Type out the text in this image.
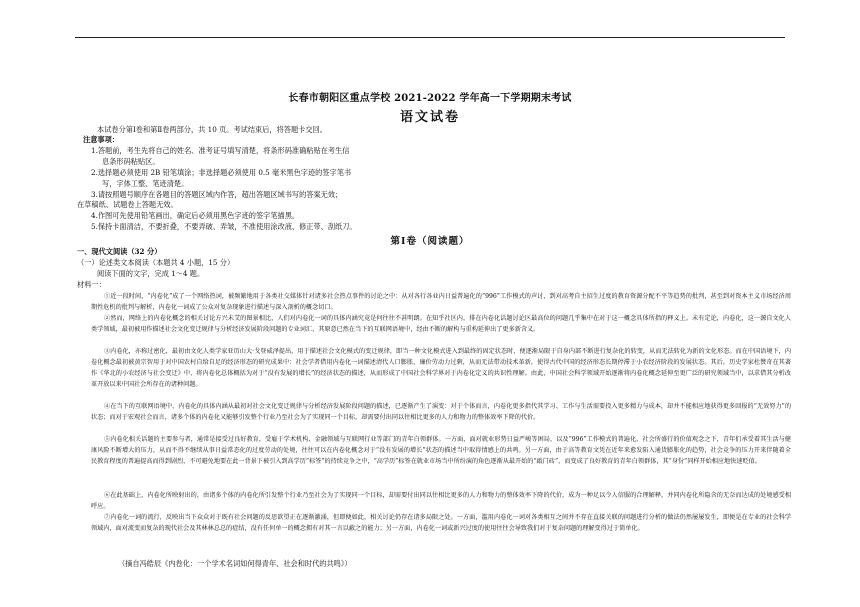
长春市朝阳区重点学校 2021-2022 学年高一下学期期末考试
语文试卷
本试卷分第Ⅰ卷和第Ⅱ卷两部分，共 10 页。考试结束后，将答题卡交回。
注意事项：
1.答题前，考生先将自己的姓名、准考证号填写清楚，将条形码准确粘贴在考生信
息条形码粘贴区。
2.选择题必须使用 2B 铅笔填涂；非选择题必须使用 0.5 毫米黑色字迹的签字笔书
写，字体工整、笔迹清楚。
3.请按照题号顺序在各题目的答题区域内作答，超出答题区域书写的答案无效；
在草稿纸、试题卷上答题无效。
4.作图可先使用铅笔画出，确定后必须用黑色字迹的签字笔描黑。
5.保持卡面清洁，不要折叠，不要弄破、弄皱，不准使用涂改液、修正带、刮纸刀。
第Ⅰ卷（阅读题）
一、现代文阅读（32 分）
（一）论述类文本阅读（本题共 4 小题，15 分）
阅读下面的文字，完成 1～4 题。
材料一：
①近一段时间，“内卷化”成了一个网络热词，被频繁地用于各类社交媒体针对诸多社会热点事件的讨论之中：从对各行各业内日益普遍化的“996”工作模式的声讨，到对高考自主招生过度的教育资源分配不平等趋势的批判，甚至到对资本主义市场经济周期性危机的批判与解析，内卷化一词成了公众对复杂现象进行描述与深入剖析的概念切口。
②然而，网络上的内卷化概念的相关讨论方兴未艾的图景相比，人们对内卷化一词的具体内涵究竟是何往往不甚明朗。在知乎社区内，排在内卷化话题讨论区最高位的问题几乎集中在对于这一概念具体所指的释义上。未有定论，内卷化，这一源自文化人类学领域，最初被用作描述社会文化变迁规律与分析经济发展阶段问题的专业词汇，其原意已然在当下的互联网语境中，经由不断的解构与重构延伸出了更多新含义。
③内卷化，亦称过密化，最初由文化人类学家亚历山大·戈登威泽提出，用于描述社会文化模式的变迁规律，即当一种文化模式进入到最终的固定状态时，便逐渐局限于自身内部不断进行复杂化的转变，从而无法转化为新的文化形态。而在中国语境下，内卷化概念最初被黄宗智用于对中国农村自给自足的经济形态的研究成果中：社会学者借用内卷化一词描述清代人口膨胀，廉价劳动力过剩，从而无法带动技术革新，使得古代中国的经济形态长期停滞于小农经济阶段的发展状态。其后，历史学家杜赞奇在其著作《华北的小农经济与社会变迁》中，将内卷化总体概括为对于“没有发展的增长”的经济状态的描述，从而形成了中国社会科学界对于内卷化定义的共识性理解。由此，中国社会科学领域开始逐渐将内卷化概念延伸至更广泛的研究领域当中，以求借其分析改革开放以来中国社会所存在的诸种问题。
④在当下的互联网语境中，内卷化的具体内涵从最初对社会文化变迁规律与分析经济发展阶段问题的描述，已逐渐产生了演变：对于个体而言，内卷化更多指代其学习、工作与生活需要投入更多精力与成本，却并不能相应地获得更多回报的“无效努力”的状态；而对于宏观社会而言，诸多个体的内卷化又能够引发整个行业乃至社会为了实现同一个目标，却需要付出同以往相比更多的人力和物力的整体效率下降的代价。
⑤内卷化相关话题的主要参与者，通常是接受过良好教育，受雇于学术机构、金融领域与互联网行业等部门的青年白领群体。一方面，面对就业形势日益严峻等困局，以及“996”工作模式的普遍化，社会所盛行的价值观念之下，青年们承受着其生活与健康风险不断增大的压力，从而不得不继续从事日益常态化的过度劳动的处境，往往可以在内卷化概念对于“没有发展的增长”状态的描述当中取得情感上的共鸣。另一方面，由于高等教育文凭在近年来愈发陷入通货膨胀化的趋势，社会竞争的压力开来伴随着全民教育程度的普遍提高而得到剧烈，不可避免地要在此一背景下被引入到高学历“标签”的持续竞争之中，“高学历”标签在就业市场当中所纷演的角色逐渐从最开始的“敲门砖”，而变成了良好教育的青年白领群体，其“身份”同样开始相应地快速贬值。
⑥在此基础上，内卷化所映射出的，由诸多个体的内卷化所引发整个行业乃至社会为了实现同一个目标，却需要付出同以往相比更多的人力和物力的整体效率下降的代价，成为一种足以令人信服的合理解释，并同内卷化所隐含的无奈而达成的处境感受相呼应。
⑦内卷化一词的流行，反映出当下众众对于既有社会问题的反思欲望正在逐渐激涌，但即便如此，相关讨论仍存在诸多局限之处。一方面，滥用内卷化一词对各类相互之间并不存在直接关联的问题进行分析的做法仍然屡屡发生，即便是在专业的社会科学领域内，面对流变而复杂的现代社会及其林林总总的症结，没有任何单一的概念拥有对其一言以蔽之的能力；另一方面，内卷化一词或新兴过度的使用往往会导致我们对于复杂问题的理解变得过于简单化。
（摘自冯皓辰《内卷化：一个学术名词如何得青年、社会和时代的共鸣》）
